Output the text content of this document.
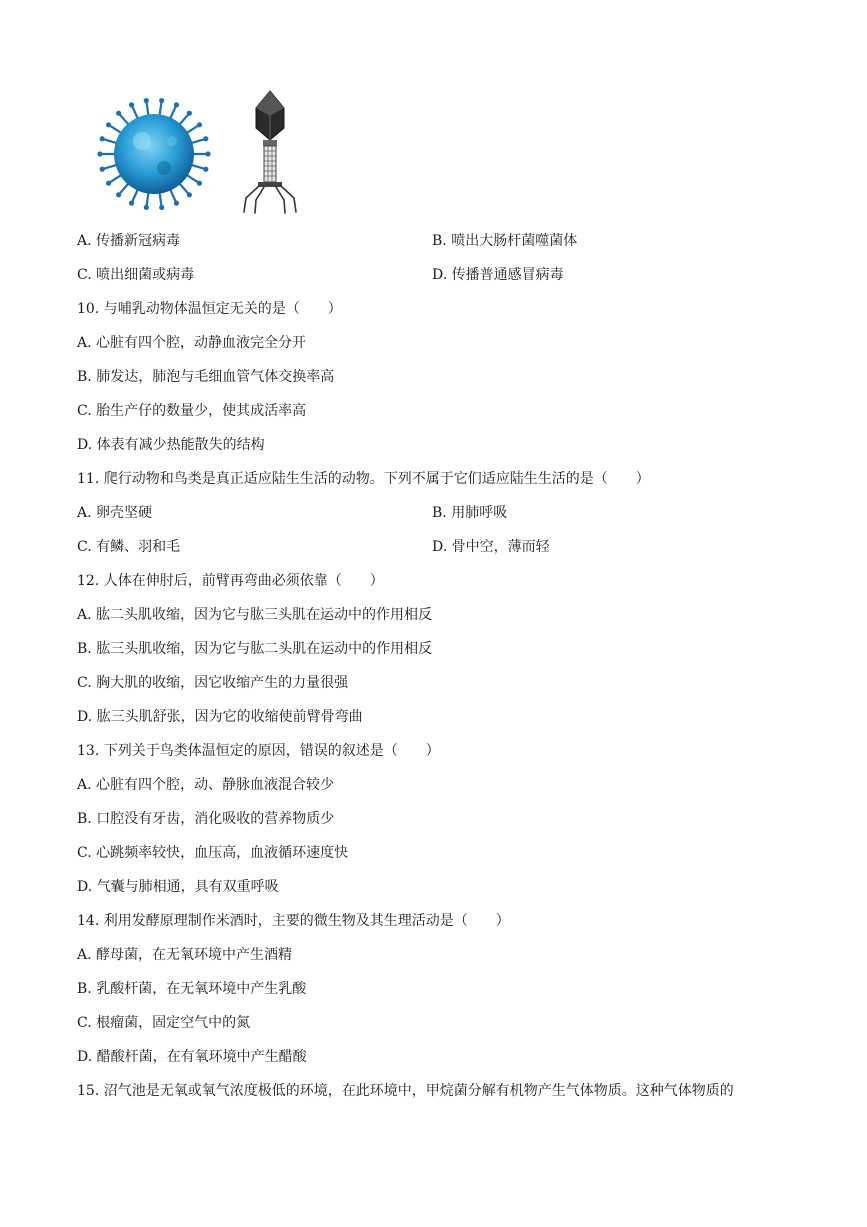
A. 传播新冠病毒	B. 喷出大肠杆菌噬菌体
C. 喷出细菌或病毒	D. 传播普通感冒病毒
10. 与哺乳动物体温恒定无关的是（　　）
A. 心脏有四个腔，动静血液完全分开
B. 肺发达，肺泡与毛细血管气体交换率高
C. 胎生产仔的数量少，使其成活率高
D. 体表有减少热能散失的结构
11. 爬行动物和鸟类是真正适应陆生生活的动物。下列不属于它们适应陆生生活的是（　　）
A. 卵壳坚硬	B. 用肺呼吸
C. 有鳞、羽和毛	D. 骨中空，薄而轻
12. 人体在伸肘后，前臂再弯曲必须依靠（　　）
A. 肱二头肌收缩，因为它与肱三头肌在运动中的作用相反
B. 肱三头肌收缩，因为它与肱二头肌在运动中的作用相反
C. 胸大肌的收缩，因它收缩产生的力量很强
D. 肱三头肌舒张，因为它的收缩使前臂骨弯曲
13. 下列关于鸟类体温恒定的原因，错误的叙述是（　　）
A. 心脏有四个腔，动、静脉血液混合较少
B. 口腔没有牙齿，消化吸收的营养物质少
C. 心跳频率较快，血压高，血液循环速度快
D. 气囊与肺相通，具有双重呼吸
14. 利用发酵原理制作米酒时，主要的微生物及其生理活动是（　　）
A. 酵母菌，在无氧环境中产生酒精
B. 乳酸杆菌，在无氧环境中产生乳酸
C. 根瘤菌，固定空气中的氮
D. 醋酸杆菌，在有氧环境中产生醋酸
15. 沼气池是无氧或氧气浓度极低的环境，在此环境中，甲烷菌分解有机物产生气体物质。这种气体物质的
